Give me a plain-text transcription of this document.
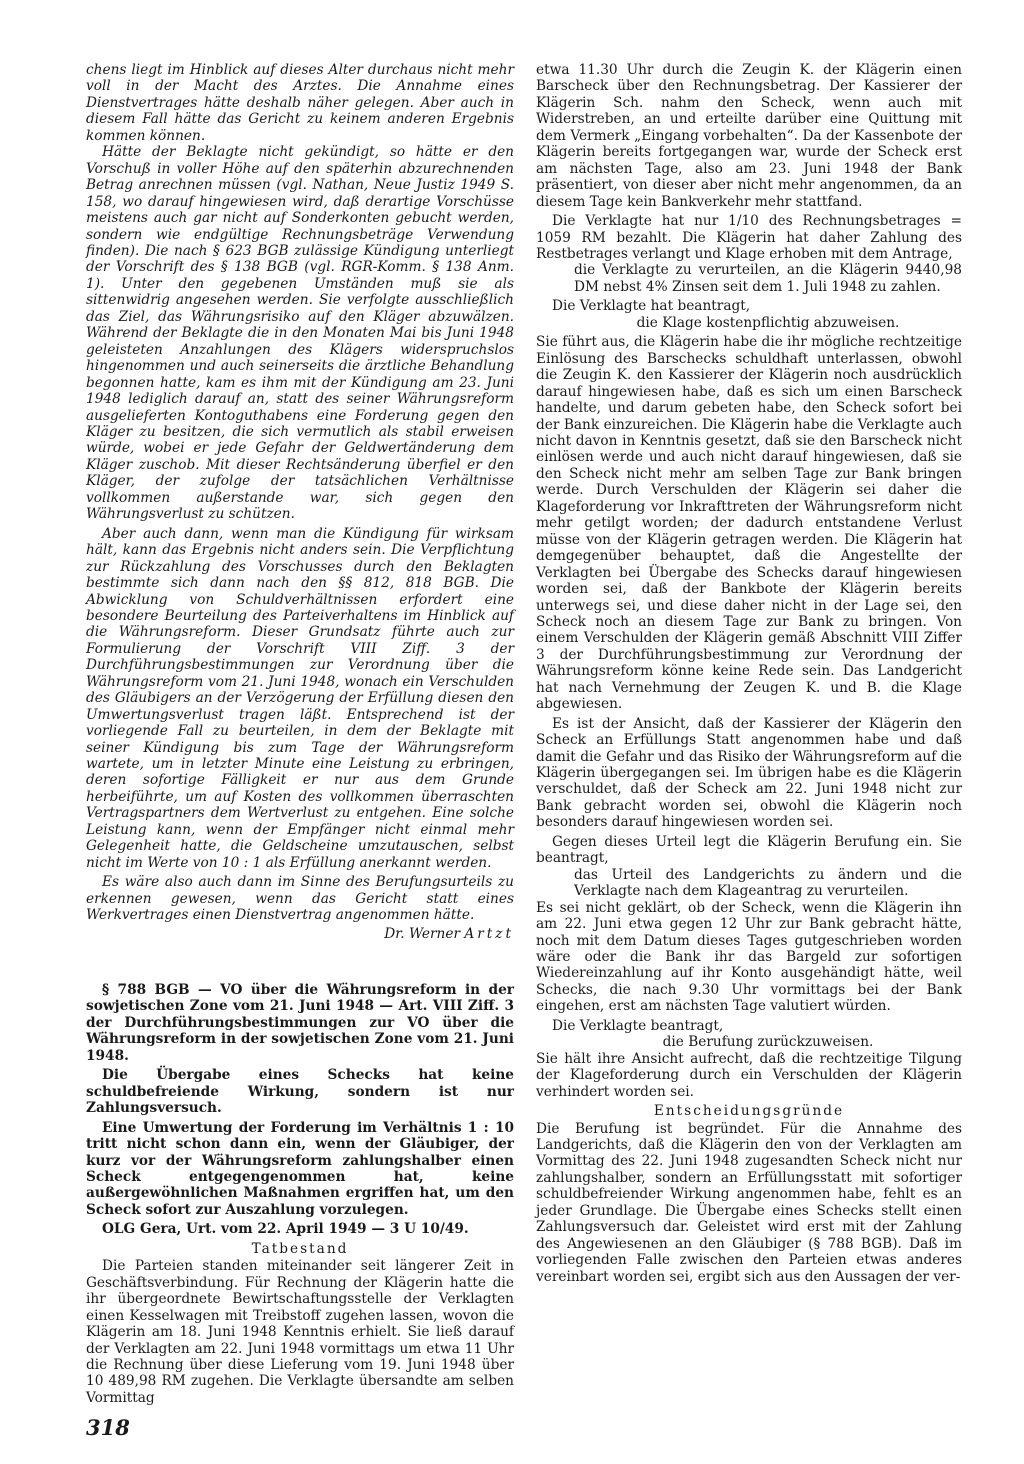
chens liegt im Hinblick auf dieses Alter durchaus nicht mehr voll in der Macht des Arztes. Die Annahme eines Dienstvertrages hätte deshalb näher gelegen. Aber auch in diesem Fall hätte das Gericht zu keinem anderen Ergebnis kommen können.

Hätte der Beklagte nicht gekündigt, so hätte er den Vorschuß in voller Höhe auf den späterhin abzurechnenden Betrag anrechnen müssen (vgl. Nathan, Neue Justiz 1949 S. 158, wo darauf hingewiesen wird, daß derartige Vorschüsse meistens auch gar nicht auf Sonderkonten gebucht werden, sondern wie endgültige Rechnungsbeträge Verwendung finden). Die nach § 623 BGB zulässige Kündigung unterliegt der Vorschrift des § 138 BGB (vgl. RGR-Komm. § 138 Anm. 1). Unter den gegebenen Umständen muß sie als sittenwidrig angesehen werden. Sie verfolgte ausschließlich das Ziel, das Währungsrisiko auf den Kläger abzuwälzen. Während der Beklagte die in den Monaten Mai bis Juni 1948 geleisteten Anzahlungen des Klägers widerspruchslos hingenommen und auch seinerseits die ärztliche Behandlung begonnen hatte, kam es ihm mit der Kündigung am 23. Juni 1948 lediglich darauf an, statt des seiner Währungsreform ausgelieferten Kontoguthabens eine Forderung gegen den Kläger zu besitzen, die sich vermutlich als stabil erweisen würde, wobei er jede Gefahr der Geldwertänderung dem Kläger zuschob. Mit dieser Rechtsänderung überfiel er den Kläger, der zufolge der tatsächlichen Verhältnisse vollkommen außerstande war, sich gegen den Währungsverlust zu schützen.

Aber auch dann, wenn man die Kündigung für wirksam hält, kann das Ergebnis nicht anders sein. Die Verpflichtung zur Rückzahlung des Vorschusses durch den Beklagten bestimmte sich dann nach den §§ 812, 818 BGB. Die Abwicklung von Schuldverhältnissen erfordert eine besondere Beurteilung des Parteiverhaltens im Hinblick auf die Währungsreform. Dieser Grundsatz führte auch zur Formulierung der Vorschrift VIII Ziff. 3 der Durchführungsbestimmungen zur Verordnung über die Währungsreform vom 21. Juni 1948, wonach ein Verschulden des Gläubigers an der Verzögerung der Erfüllung diesen den Umwertungsverlust tragen läßt. Entsprechend ist der vorliegende Fall zu beurteilen, in dem der Beklagte mit seiner Kündigung bis zum Tage der Währungsreform wartete, um in letzter Minute eine Leistung zu erbringen, deren sofortige Fälligkeit er nur aus dem Grunde herbeiführte, um auf Kosten des vollkommen überraschten Vertragspartners dem Wertverlust zu entgehen. Eine solche Leistung kann, wenn der Empfänger nicht einmal mehr Gelegenheit hatte, die Geldscheine umzutauschen, selbst nicht im Werte von 10 : 1 als Erfüllung anerkannt werden.

Es wäre also auch dann im Sinne des Berufungsurteils zu erkennen gewesen, wenn das Gericht statt eines Werkvertrages einen Dienstvertrag angenommen hätte.

Dr. Werner Artzt

§ 788 BGB — VO über die Währungsreform in der sowjetischen Zone vom 21. Juni 1948 — Art. VIII Ziff. 3 der Durchführungsbestimmungen zur VO über die Währungsreform in der sowjetischen Zone vom 21. Juni 1948.

Die Übergabe eines Schecks hat keine schuldbefreiende Wirkung, sondern ist nur Zahlungsversuch.

Eine Umwertung der Forderung im Verhältnis 1 : 10 tritt nicht schon dann ein, wenn der Gläubiger, der kurz vor der Währungsreform zahlungshalber einen Scheck entgegengenommen hat, keine außergewöhnlichen Maßnahmen ergriffen hat, um den Scheck sofort zur Auszahlung vorzulegen.

OLG Gera, Urt. vom 22. April 1949 — 3 U 10/49.

Tatbestand

Die Parteien standen miteinander seit längerer Zeit in Geschäftsverbindung. Für Rechnung der Klägerin hatte die ihr übergeordnete Bewirtschaftungsstelle der Verklagten einen Kesselwagen mit Treibstoff zugehen lassen, wovon die Klägerin am 18. Juni 1948 Kenntnis erhielt. Sie ließ darauf der Verklagten am 22. Juni 1948 vormittags um etwa 11 Uhr die Rechnung über diese Lieferung vom 19. Juni 1948 über 10 489,98 RM zugehen. Die Verklagte übersandte am selben Vormittag

etwa 11.30 Uhr durch die Zeugin K. der Klägerin einen Barscheck über den Rechnungsbetrag. Der Kassierer der Klägerin Sch. nahm den Scheck, wenn auch mit Widerstreben, an und erteilte darüber eine Quittung mit dem Vermerk „Eingang vorbehalten“. Da der Kassenbote der Klägerin bereits fortgegangen war, wurde der Scheck erst am nächsten Tage, also am 23. Juni 1948 der Bank präsentiert, von dieser aber nicht mehr angenommen, da an diesem Tage kein Bankverkehr mehr stattfand.

Die Verklagte hat nur 1/10 des Rechnungsbetrages = 1059 RM bezahlt. Die Klägerin hat daher Zahlung des Restbetrages verlangt und Klage erhoben mit dem Antrage,

die Verklagte zu verurteilen, an die Klägerin 9440,98 DM nebst 4% Zinsen seit dem 1. Juli 1948 zu zahlen.

Die Verklagte hat beantragt,

die Klage kostenpflichtig abzuweisen.

Sie führt aus, die Klägerin habe die ihr mögliche rechtzeitige Einlösung des Barschecks schuldhaft unterlassen, obwohl die Zeugin K. den Kassierer der Klägerin noch ausdrücklich darauf hingewiesen habe, daß es sich um einen Barscheck handelte, und darum gebeten habe, den Scheck sofort bei der Bank einzureichen. Die Klägerin habe die Verklagte auch nicht davon in Kenntnis gesetzt, daß sie den Barscheck nicht einlösen werde und auch nicht darauf hingewiesen, daß sie den Scheck nicht mehr am selben Tage zur Bank bringen werde. Durch Verschulden der Klägerin sei daher die Klageforderung vor Inkrafttreten der Währungsreform nicht mehr getilgt worden; der dadurch entstandene Verlust müsse von der Klägerin getragen werden. Die Klägerin hat demgegenüber behauptet, daß die Angestellte der Verklagten bei Übergabe des Schecks darauf hingewiesen worden sei, daß der Bankbote der Klägerin bereits unterwegs sei, und diese daher nicht in der Lage sei, den Scheck noch an diesem Tage zur Bank zu bringen. Von einem Verschulden der Klägerin gemäß Abschnitt VIII Ziffer 3 der Durchführungsbestimmung zur Verordnung der Währungsreform könne keine Rede sein. Das Landgericht hat nach Vernehmung der Zeugen K. und B. die Klage abgewiesen.

Es ist der Ansicht, daß der Kassierer der Klägerin den Scheck an Erfüllungs Statt angenommen habe und daß damit die Gefahr und das Risiko der Währungsreform auf die Klägerin übergegangen sei. Im übrigen habe es die Klägerin verschuldet, daß der Scheck am 22. Juni 1948 nicht zur Bank gebracht worden sei, obwohl die Klägerin noch besonders darauf hingewiesen worden sei.

Gegen dieses Urteil legt die Klägerin Berufung ein. Sie beantragt,

das Urteil des Landgerichts zu ändern und die Verklagte nach dem Klageantrag zu verurteilen.

Es sei nicht geklärt, ob der Scheck, wenn die Klägerin ihn am 22. Juni etwa gegen 12 Uhr zur Bank gebracht hätte, noch mit dem Datum dieses Tages gutgeschrieben worden wäre oder die Bank ihr das Bargeld zur sofortigen Wiedereinzahlung auf ihr Konto ausgehändigt hätte, weil Schecks, die nach 9.30 Uhr vormittags bei der Bank eingehen, erst am nächsten Tage valutiert würden.

Die Verklagte beantragt,

die Berufung zurückzuweisen.

Sie hält ihre Ansicht aufrecht, daß die rechtzeitige Tilgung der Klageforderung durch ein Verschulden der Klägerin verhindert worden sei.

Entscheidungsgründe

Die Berufung ist begründet. Für die Annahme des Landgerichts, daß die Klägerin den von der Verklagten am Vormittag des 22. Juni 1948 zugesandten Scheck nicht nur zahlungshalber, sondern an Erfüllungsstatt mit sofortiger schuldbefreiender Wirkung angenommen habe, fehlt es an jeder Grundlage. Die Übergabe eines Schecks stellt einen Zahlungsversuch dar. Geleistet wird erst mit der Zahlung des Angewiesenen an den Gläubiger (§ 788 BGB). Daß im vorliegenden Falle zwischen den Parteien etwas anderes vereinbart worden sei, ergibt sich aus den Aussagen der ver-

318
